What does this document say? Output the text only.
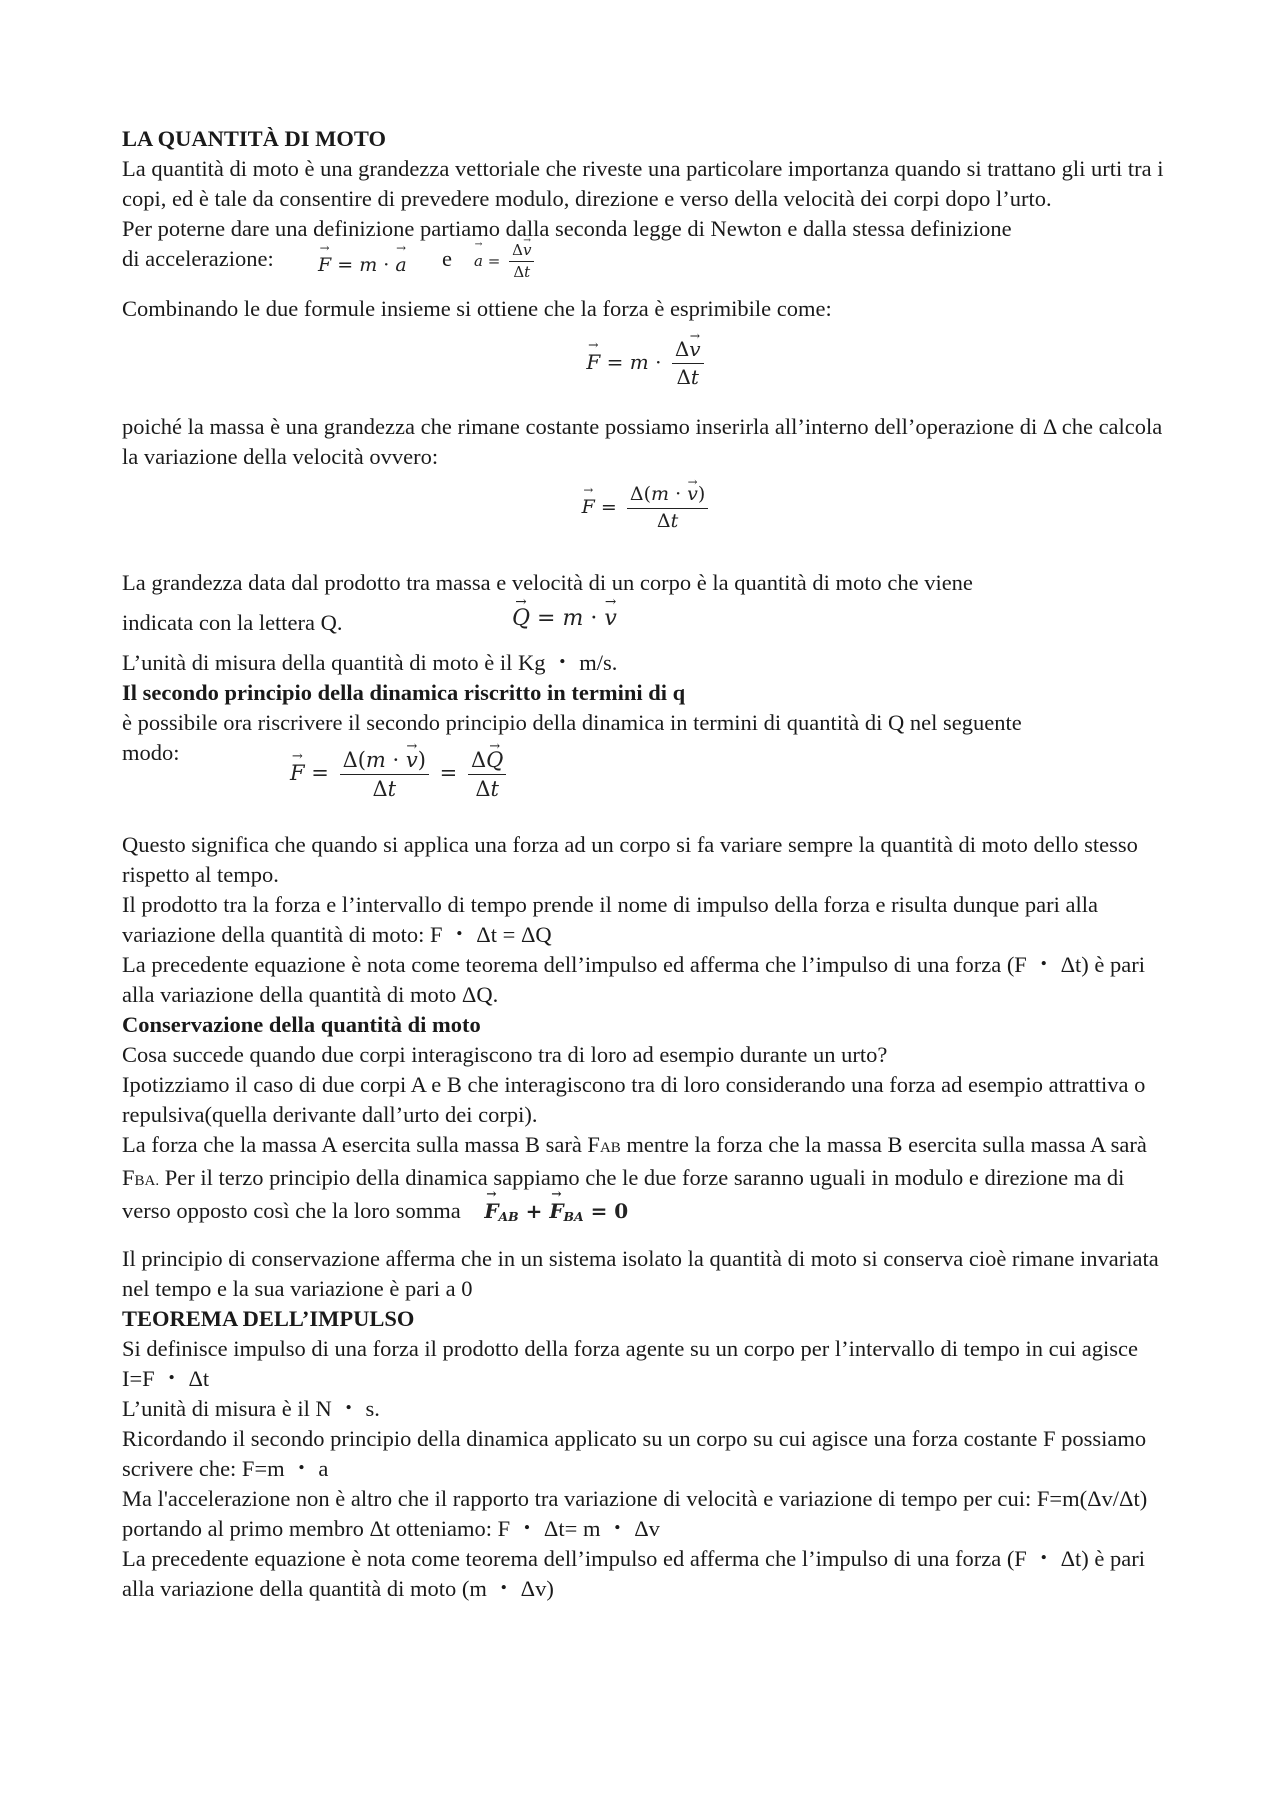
LA QUANTITÀ DI MOTO

La quantità di moto è una grandezza vettoriale che riveste una particolare importanza quando si trattano gli urti tra i copi, ed è tale da consentire di prevedere modulo, direzione e verso della velocità dei corpi dopo l’urto.

Per poterne dare una definizione partiamo dalla seconda legge di Newton e dalla stessa definizione

di accelerazione:
→ F = m · → a e
→ $a = \frac{\Delta\to v}{\Delta t}$

Combinando le due formule insieme si ottiene che la forza è esprimibile come:

→ $F = m \cdot \frac{\Delta\to v}{\Delta t}$

poiché la massa è una grandezza che rimane costante possiamo inserirla all’interno dell’operazione di Δ che calcola la variazione della velocità ovvero:

→ $F = \frac{\Delta(m \cdot \to v)}{\Delta t}$

La grandezza data dal prodotto tra massa e velocità di un corpo è la quantità di moto che viene

indicata con la lettera Q.
→	Q = m · → v

L’unità di misura della quantità di moto è il Kg ・ m/s.

Il secondo principio della dinamica riscritto in termini di q

è possibile ora riscrivere il secondo principio della dinamica in termini di quantità di Q nel seguente

modo:
→ $F = \frac{\Delta(m \cdot \to v)}{\Delta t} = \frac{\Delta\to Q}{\Delta t}$

Questo significa che quando si applica una forza ad un corpo si fa variare sempre la quantità di moto dello stesso rispetto al tempo.

Il prodotto tra la forza e l’intervallo di tempo prende il nome di impulso della forza e risulta dunque pari alla variazione della quantità di moto: F ・ Δt = ΔQ

La precedente equazione è nota come teorema dell’impulso ed afferma che l’impulso di una forza (F ・ Δt) è pari alla variazione della quantità di moto ΔQ.

Conservazione della quantità di moto

Cosa succede quando due corpi interagiscono tra di loro ad esempio durante un urto?

Ipotizziamo il caso di due corpi A e B che interagiscono tra di loro considerando una forza ad esempio attrattiva o repulsiva(quella derivante dall’urto dei corpi).

La forza che la massa A esercita sulla massa B sarà FAB mentre la forza che la massa B esercita sulla massa A sarà FBA. Per il terzo principio della dinamica sappiamo che le due forze saranno uguali in modulo e direzione ma di verso opposto così che la loro somma → FAB + → FBA = 0

Il principio di conservazione afferma che in un sistema isolato la quantità di moto si conserva cioè rimane invariata nel tempo e la sua variazione è pari a 0

TEOREMA DELL’IMPULSO

Si definisce impulso di una forza il prodotto della forza agente su un corpo per l’intervallo di tempo in cui agisce I=F ・ Δt

L’unità di misura è il N ・ s.

Ricordando il secondo principio della dinamica applicato su un corpo su cui agisce una forza costante F possiamo scrivere che: F=m ・ a

Ma l'accelerazione non è altro che il rapporto tra variazione di velocità e variazione di tempo per cui: F=m(Δv/Δt) portando al primo membro Δt otteniamo: F ・ Δt= m ・ Δv

La precedente equazione è nota come teorema dell’impulso ed afferma che l’impulso di una forza (F ・ Δt) è pari alla variazione della quantità di moto (m ・ Δv)
